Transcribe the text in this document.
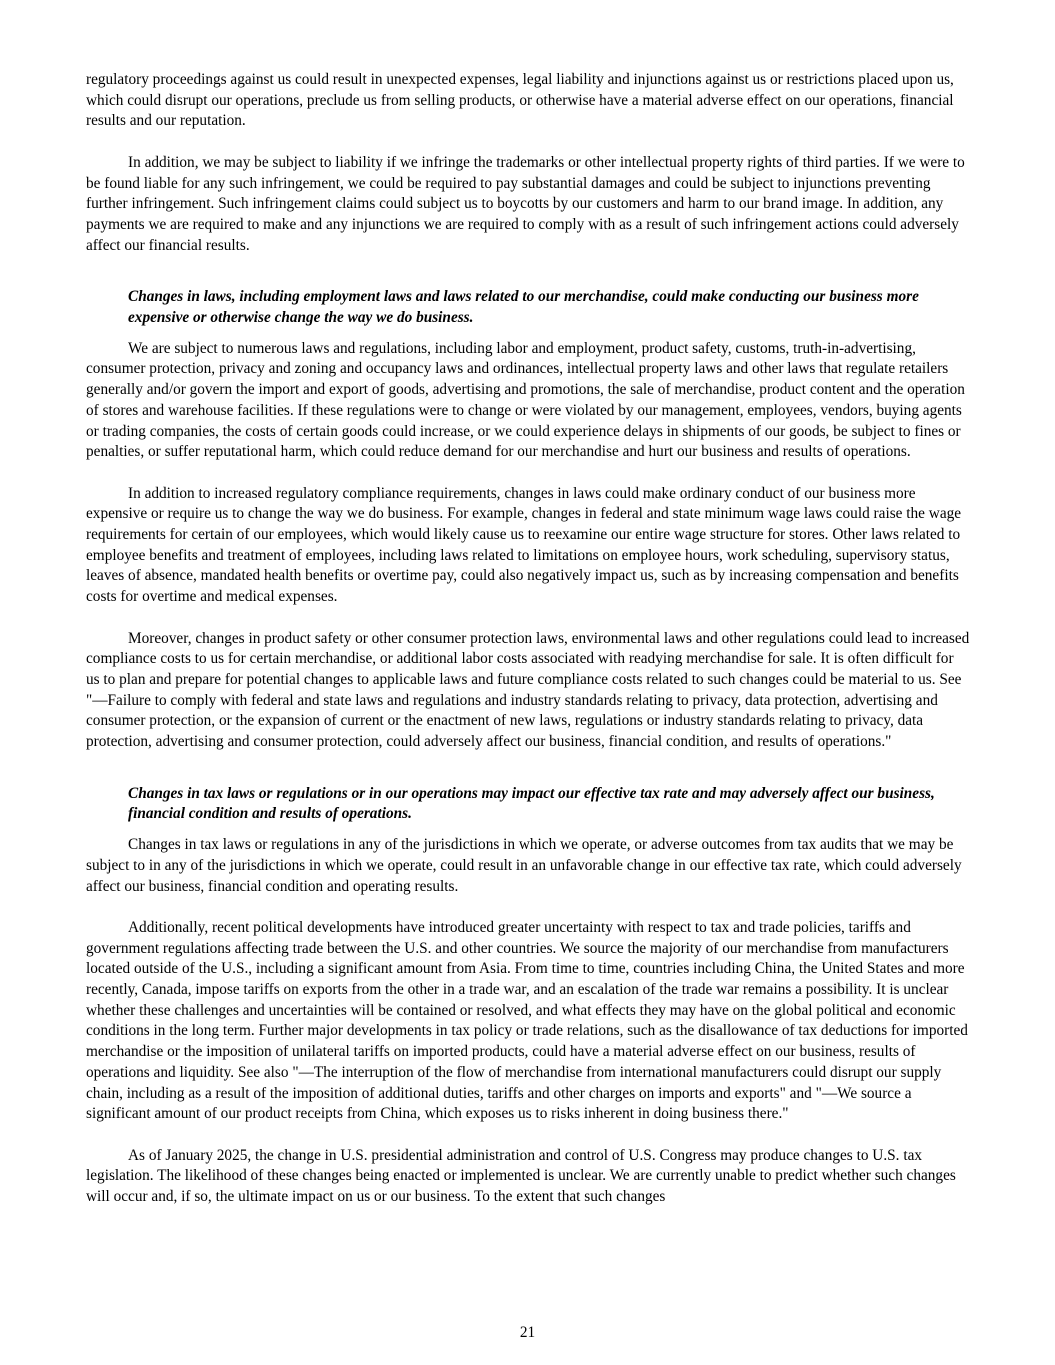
regulatory proceedings against us could result in unexpected expenses, legal liability and injunctions against us or restrictions placed upon us, which could disrupt our operations, preclude us from selling products, or otherwise have a material adverse effect on our operations, financial results and our reputation.

In addition, we may be subject to liability if we infringe the trademarks or other intellectual property rights of third parties. If we were to be found liable for any such infringement, we could be required to pay substantial damages and could be subject to injunctions preventing further infringement. Such infringement claims could subject us to boycotts by our customers and harm to our brand image. In addition, any payments we are required to make and any injunctions we are required to comply with as a result of such infringement actions could adversely affect our financial results.

Changes in laws, including employment laws and laws related to our merchandise, could make conducting our business more expensive or otherwise change the way we do business.

We are subject to numerous laws and regulations, including labor and employment, product safety, customs, truth-in-advertising, consumer protection, privacy and zoning and occupancy laws and ordinances, intellectual property laws and other laws that regulate retailers generally and/or govern the import and export of goods, advertising and promotions, the sale of merchandise, product content and the operation of stores and warehouse facilities. If these regulations were to change or were violated by our management, employees, vendors, buying agents or trading companies, the costs of certain goods could increase, or we could experience delays in shipments of our goods, be subject to fines or penalties, or suffer reputational harm, which could reduce demand for our merchandise and hurt our business and results of operations.

In addition to increased regulatory compliance requirements, changes in laws could make ordinary conduct of our business more expensive or require us to change the way we do business. For example, changes in federal and state minimum wage laws could raise the wage requirements for certain of our employees, which would likely cause us to reexamine our entire wage structure for stores. Other laws related to employee benefits and treatment of employees, including laws related to limitations on employee hours, work scheduling, supervisory status, leaves of absence, mandated health benefits or overtime pay, could also negatively impact us, such as by increasing compensation and benefits costs for overtime and medical expenses.

Moreover, changes in product safety or other consumer protection laws, environmental laws and other regulations could lead to increased compliance costs to us for certain merchandise, or additional labor costs associated with readying merchandise for sale. It is often difficult for us to plan and prepare for potential changes to applicable laws and future compliance costs related to such changes could be material to us. See "—Failure to comply with federal and state laws and regulations and industry standards relating to privacy, data protection, advertising and consumer protection, or the expansion of current or the enactment of new laws, regulations or industry standards relating to privacy, data protection, advertising and consumer protection, could adversely affect our business, financial condition, and results of operations."

Changes in tax laws or regulations or in our operations may impact our effective tax rate and may adversely affect our business, financial condition and results of operations.

Changes in tax laws or regulations in any of the jurisdictions in which we operate, or adverse outcomes from tax audits that we may be subject to in any of the jurisdictions in which we operate, could result in an unfavorable change in our effective tax rate, which could adversely affect our business, financial condition and operating results.

Additionally, recent political developments have introduced greater uncertainty with respect to tax and trade policies, tariffs and government regulations affecting trade between the U.S. and other countries. We source the majority of our merchandise from manufacturers located outside of the U.S., including a significant amount from Asia. From time to time, countries including China, the United States and more recently, Canada, impose tariffs on exports from the other in a trade war, and an escalation of the trade war remains a possibility. It is unclear whether these challenges and uncertainties will be contained or resolved, and what effects they may have on the global political and economic conditions in the long term. Further major developments in tax policy or trade relations, such as the disallowance of tax deductions for imported merchandise or the imposition of unilateral tariffs on imported products, could have a material adverse effect on our business, results of operations and liquidity. See also "—The interruption of the flow of merchandise from international manufacturers could disrupt our supply chain, including as a result of the imposition of additional duties, tariffs and other charges on imports and exports" and "—We source a significant amount of our product receipts from China, which exposes us to risks inherent in doing business there."

As of January 2025, the change in U.S. presidential administration and control of U.S. Congress may produce changes to U.S. tax legislation. The likelihood of these changes being enacted or implemented is unclear. We are currently unable to predict whether such changes will occur and, if so, the ultimate impact on us or our business. To the extent that such changes

21
